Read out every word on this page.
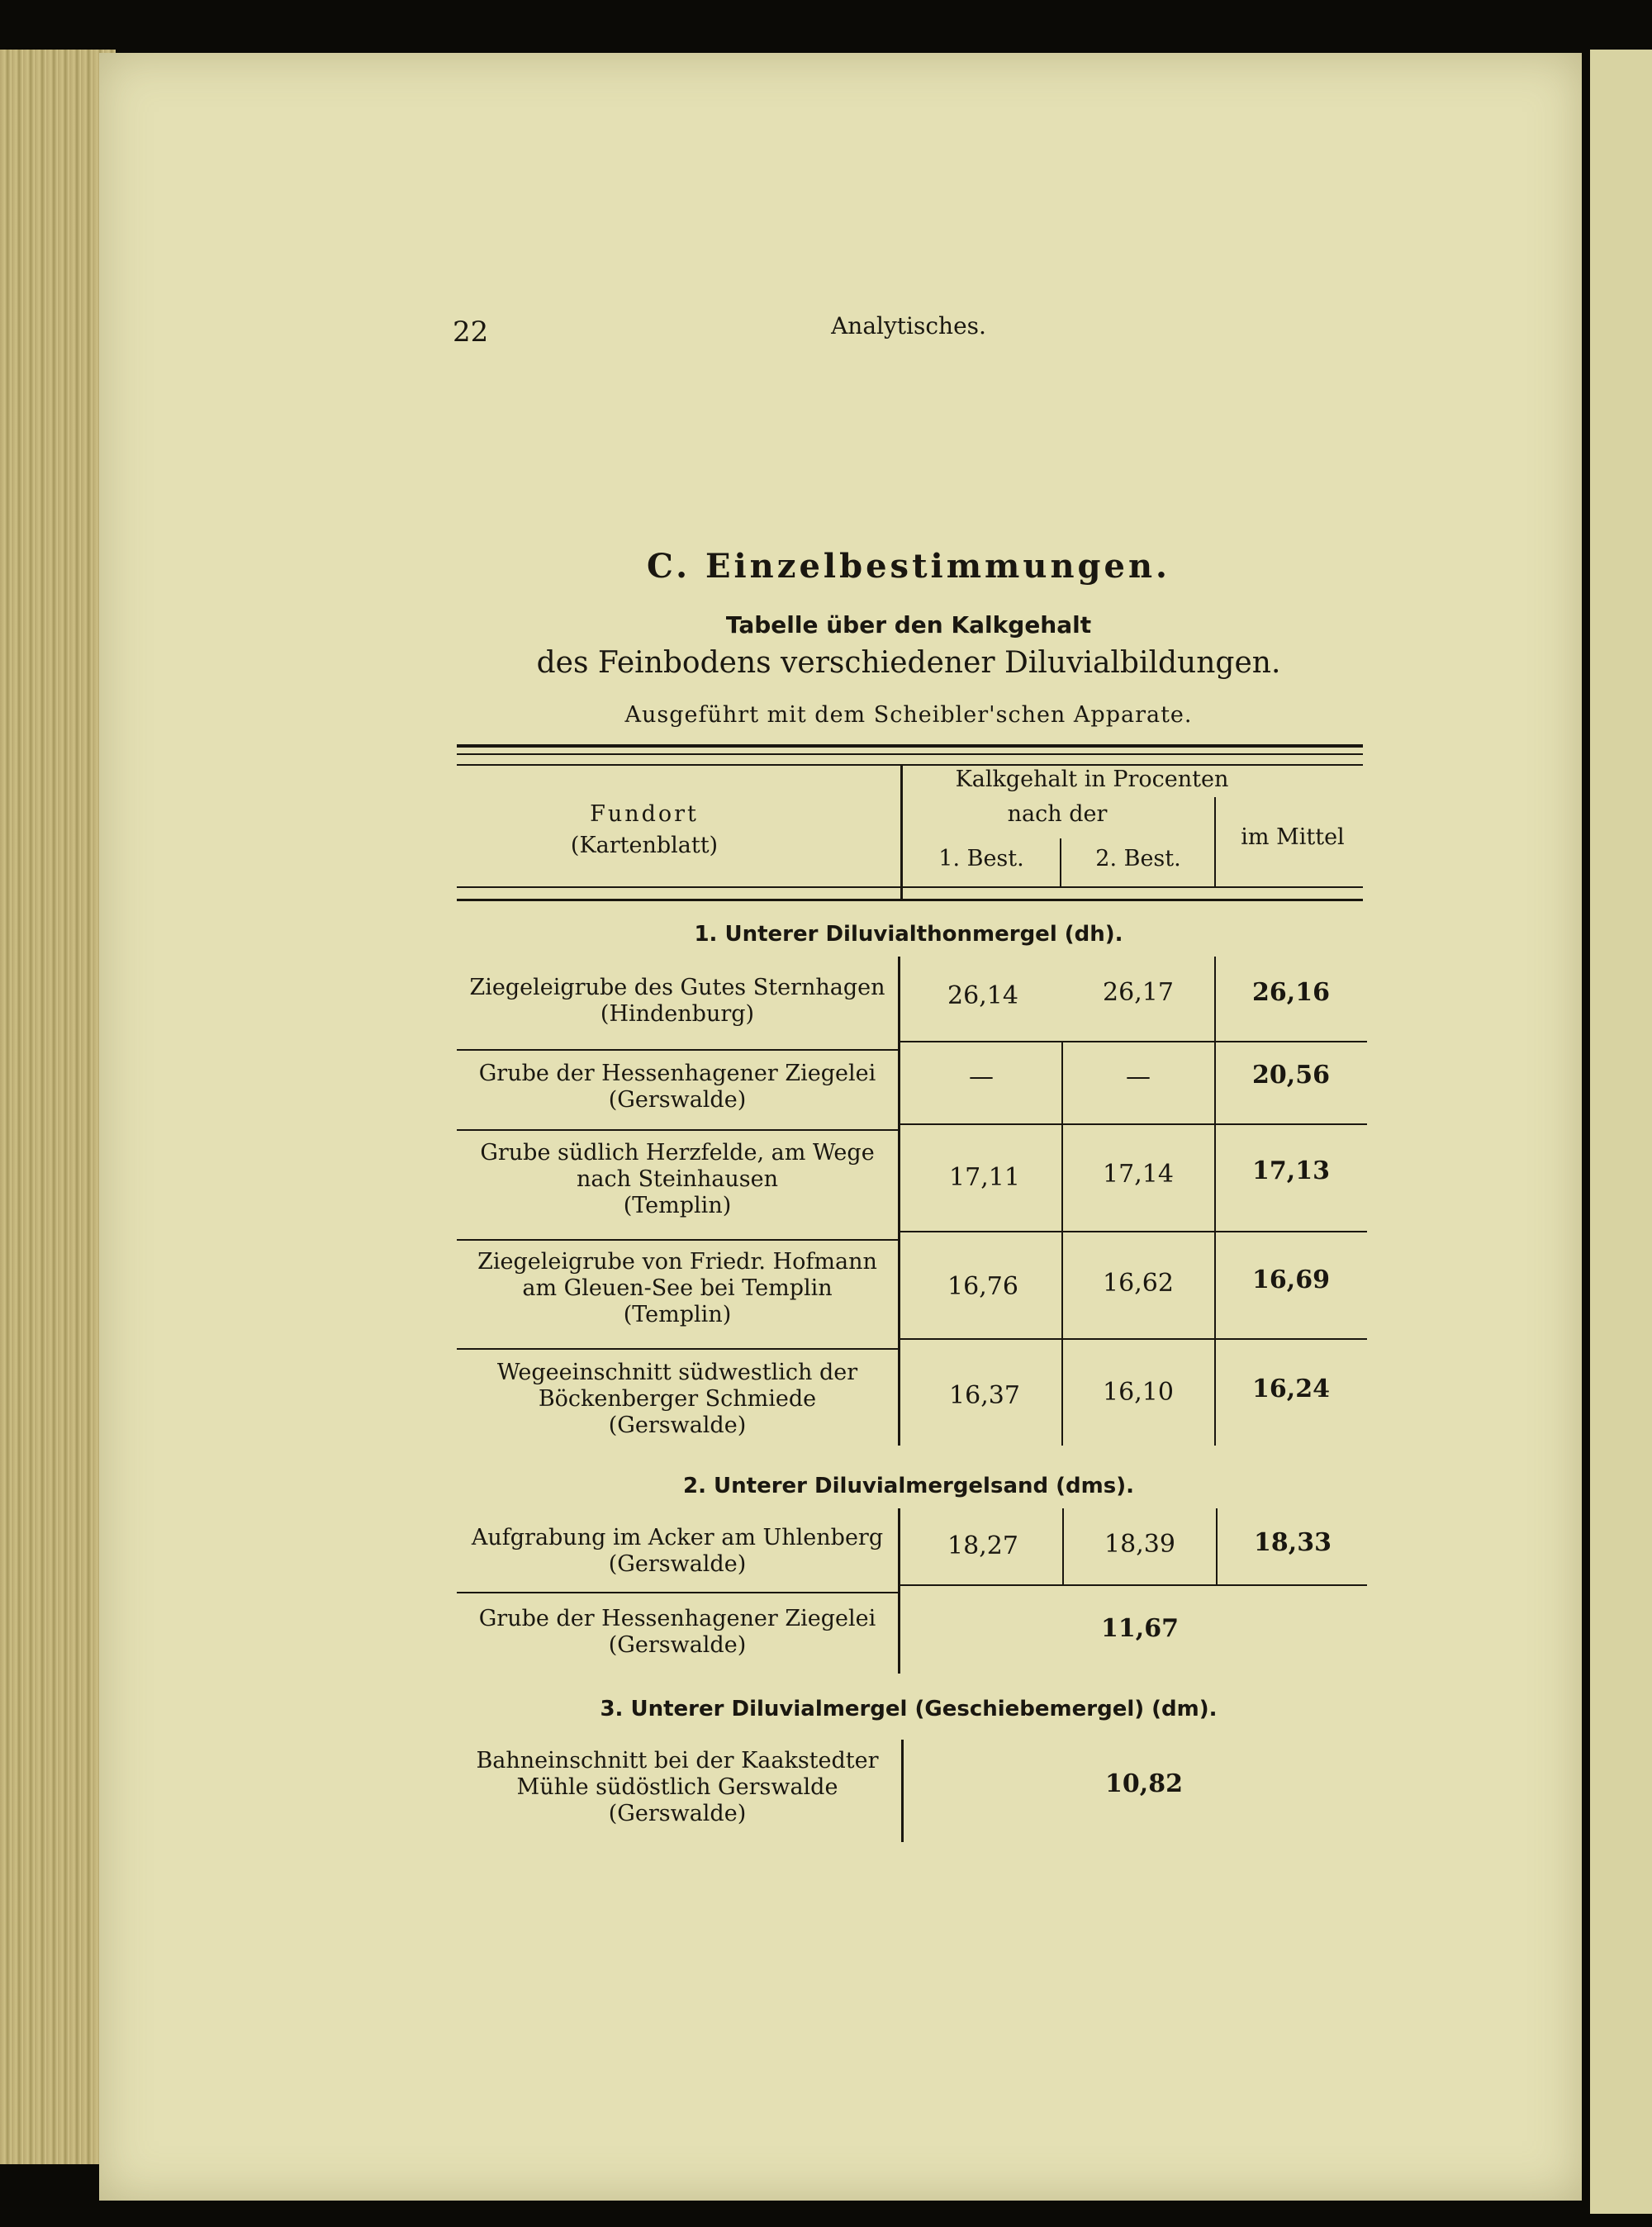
22	Analytisches.
C. Einzelbestimmungen.
Tabelle über den Kalkgehalt
des Feinbodens verschiedener Diluvialbildungen.
Ausgeführt mit dem Scheibler'schen Apparate.
Fundort
(Kartenblatt)
Kalkgehalt in Procenten
nach der
1. Best.	2. Best.
im Mittel
1. Unterer Diluvialthonmergel (dh).
Ziegeleigrube des Gutes Sternhagen
(Hindenburg)
26,14	26,17	26,16
Grube der Hessenhagener Ziegelei
(Gerswalde)
—	—	20,56
Grube südlich Herzfelde, am Wege
nach Steinhausen
(Templin)
17,11	17,14	17,13
Ziegeleigrube von Friedr. Hofmann
am Gleuen-See bei Templin
(Templin)
16,76	16,62	16,69
Wegeeinschnitt südwestlich der
Böckenberger Schmiede
(Gerswalde)
16,37	16,10	16,24
2. Unterer Diluvialmergelsand (dms).
Aufgrabung im Acker am Uhlenberg
(Gerswalde)
18,27	18,39	18,33
Grube der Hessenhagener Ziegelei
(Gerswalde)
11,67
3. Unterer Diluvialmergel (Geschiebemergel) (dm).
Bahneinschnitt bei der Kaakstedter
Mühle südöstlich Gerswalde
(Gerswalde)
10,82
